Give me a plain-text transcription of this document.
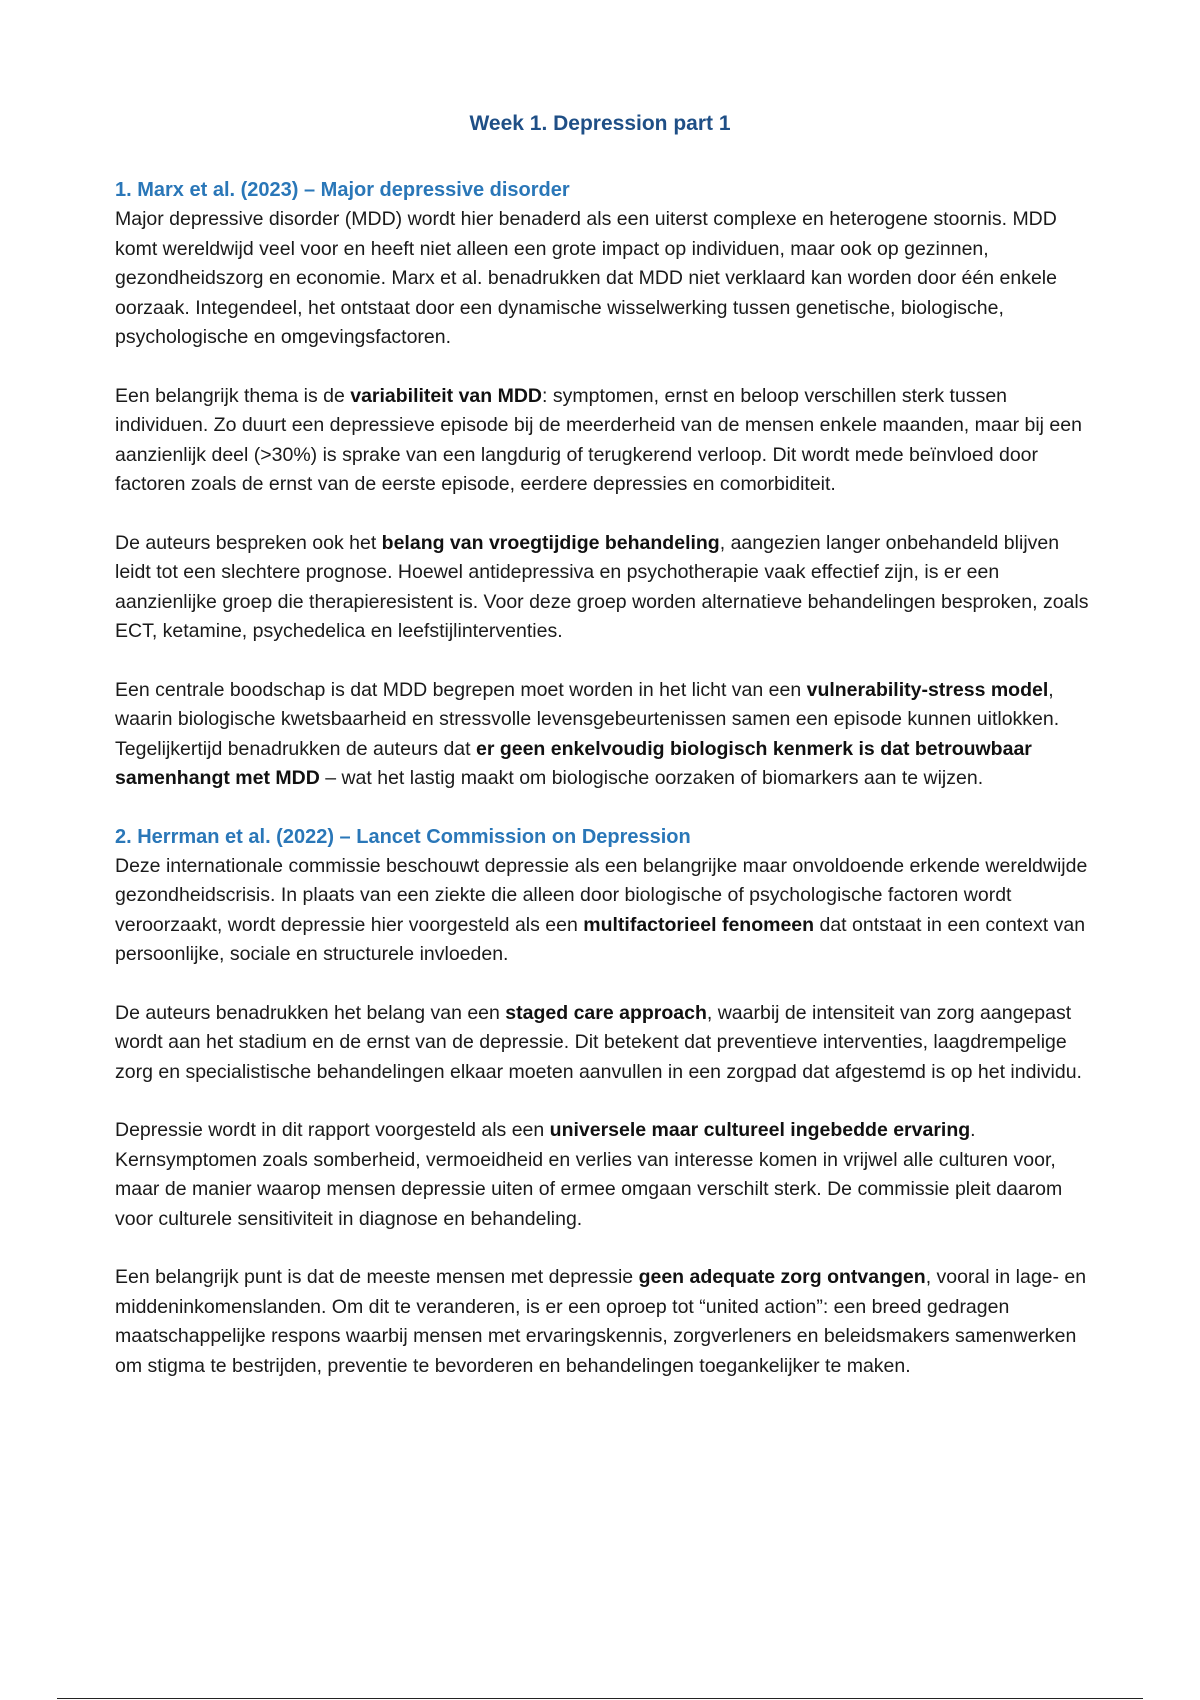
Week 1. Depression part 1
1. Marx et al. (2023) – Major depressive disorder

Major depressive disorder (MDD) wordt hier benaderd als een uiterst complexe en heterogene stoornis. MDD komt wereldwijd veel voor en heeft niet alleen een grote impact op individuen, maar ook op gezinnen, gezondheidszorg en economie. Marx et al. benadrukken dat MDD niet verklaard kan worden door één enkele oorzaak. Integendeel, het ontstaat door een dynamische wisselwerking tussen genetische, biologische, psychologische en omgevingsfactoren.

Een belangrijk thema is de variabiliteit van MDD: symptomen, ernst en beloop verschillen sterk tussen individuen. Zo duurt een depressieve episode bij de meerderheid van de mensen enkele maanden, maar bij een aanzienlijk deel (>30%) is sprake van een langdurig of terugkerend verloop. Dit wordt mede beïnvloed door factoren zoals de ernst van de eerste episode, eerdere depressies en comorbiditeit.

De auteurs bespreken ook het belang van vroegtijdige behandeling, aangezien langer onbehandeld blijven leidt tot een slechtere prognose. Hoewel antidepressiva en psychotherapie vaak effectief zijn, is er een aanzienlijke groep die therapieresistent is. Voor deze groep worden alternatieve behandelingen besproken, zoals ECT, ketamine, psychedelica en leefstijlinterventies.

Een centrale boodschap is dat MDD begrepen moet worden in het licht van een vulnerability-stress model, waarin biologische kwetsbaarheid en stressvolle levensgebeurtenissen samen een episode kunnen uitlokken. Tegelijkertijd benadrukken de auteurs dat er geen enkelvoudig biologisch kenmerk is dat betrouwbaar samenhangt met MDD – wat het lastig maakt om biologische oorzaken of biomarkers aan te wijzen.

2. Herrman et al. (2022) – Lancet Commission on Depression

Deze internationale commissie beschouwt depressie als een belangrijke maar onvoldoende erkende wereldwijde gezondheidscrisis. In plaats van een ziekte die alleen door biologische of psychologische factoren wordt veroorzaakt, wordt depressie hier voorgesteld als een multifactorieel fenomeen dat ontstaat in een context van persoonlijke, sociale en structurele invloeden.

De auteurs benadrukken het belang van een staged care approach, waarbij de intensiteit van zorg aangepast wordt aan het stadium en de ernst van de depressie. Dit betekent dat preventieve interventies, laagdrempelige zorg en specialistische behandelingen elkaar moeten aanvullen in een zorgpad dat afgestemd is op het individu.

Depressie wordt in dit rapport voorgesteld als een universele maar cultureel ingebedde ervaring. Kernsymptomen zoals somberheid, vermoeidheid en verlies van interesse komen in vrijwel alle culturen voor, maar de manier waarop mensen depressie uiten of ermee omgaan verschilt sterk. De commissie pleit daarom voor culturele sensitiviteit in diagnose en behandeling.

Een belangrijk punt is dat de meeste mensen met depressie geen adequate zorg ontvangen, vooral in lage- en middeninkomenslanden. Om dit te veranderen, is er een oproep tot “united action”: een breed gedragen maatschappelijke respons waarbij mensen met ervaringskennis, zorgverleners en beleidsmakers samenwerken om stigma te bestrijden, preventie te bevorderen en behandelingen toegankelijker te maken.
